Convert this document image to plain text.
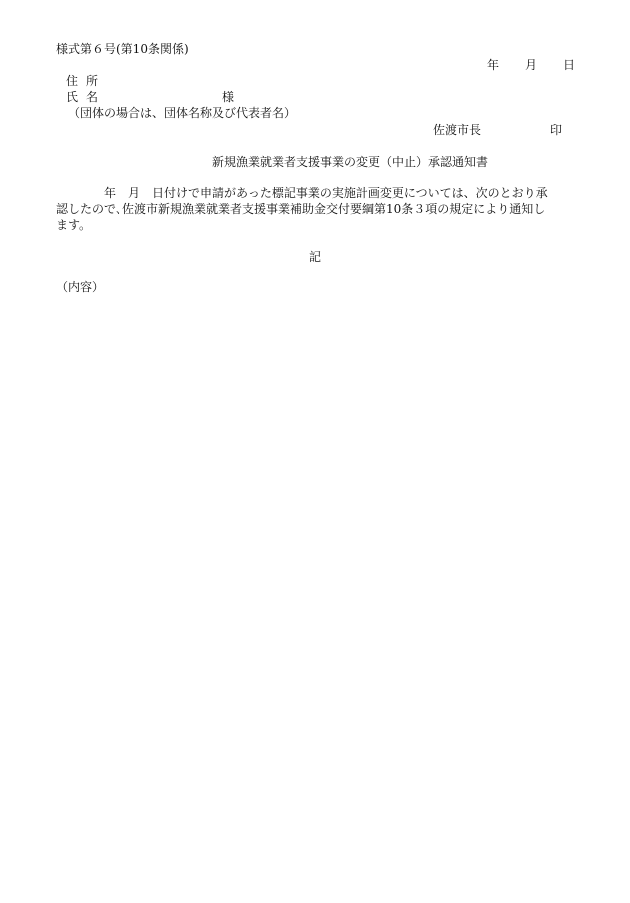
様式第６号(第10条関係)
年 月 日
住所
氏名	様
（団体の場合は、団体名称及び代表者名）
佐渡市長	印
新規漁業就業者支援事業の変更（中止）承認通知書
年　月　日付けで申請があった標記事業の実施計画変更については、次のとおり承
認したので､佐渡市新規漁業就業者支援事業補助金交付要綱第10条３項の規定により通知し
ます。
記
（内容）
